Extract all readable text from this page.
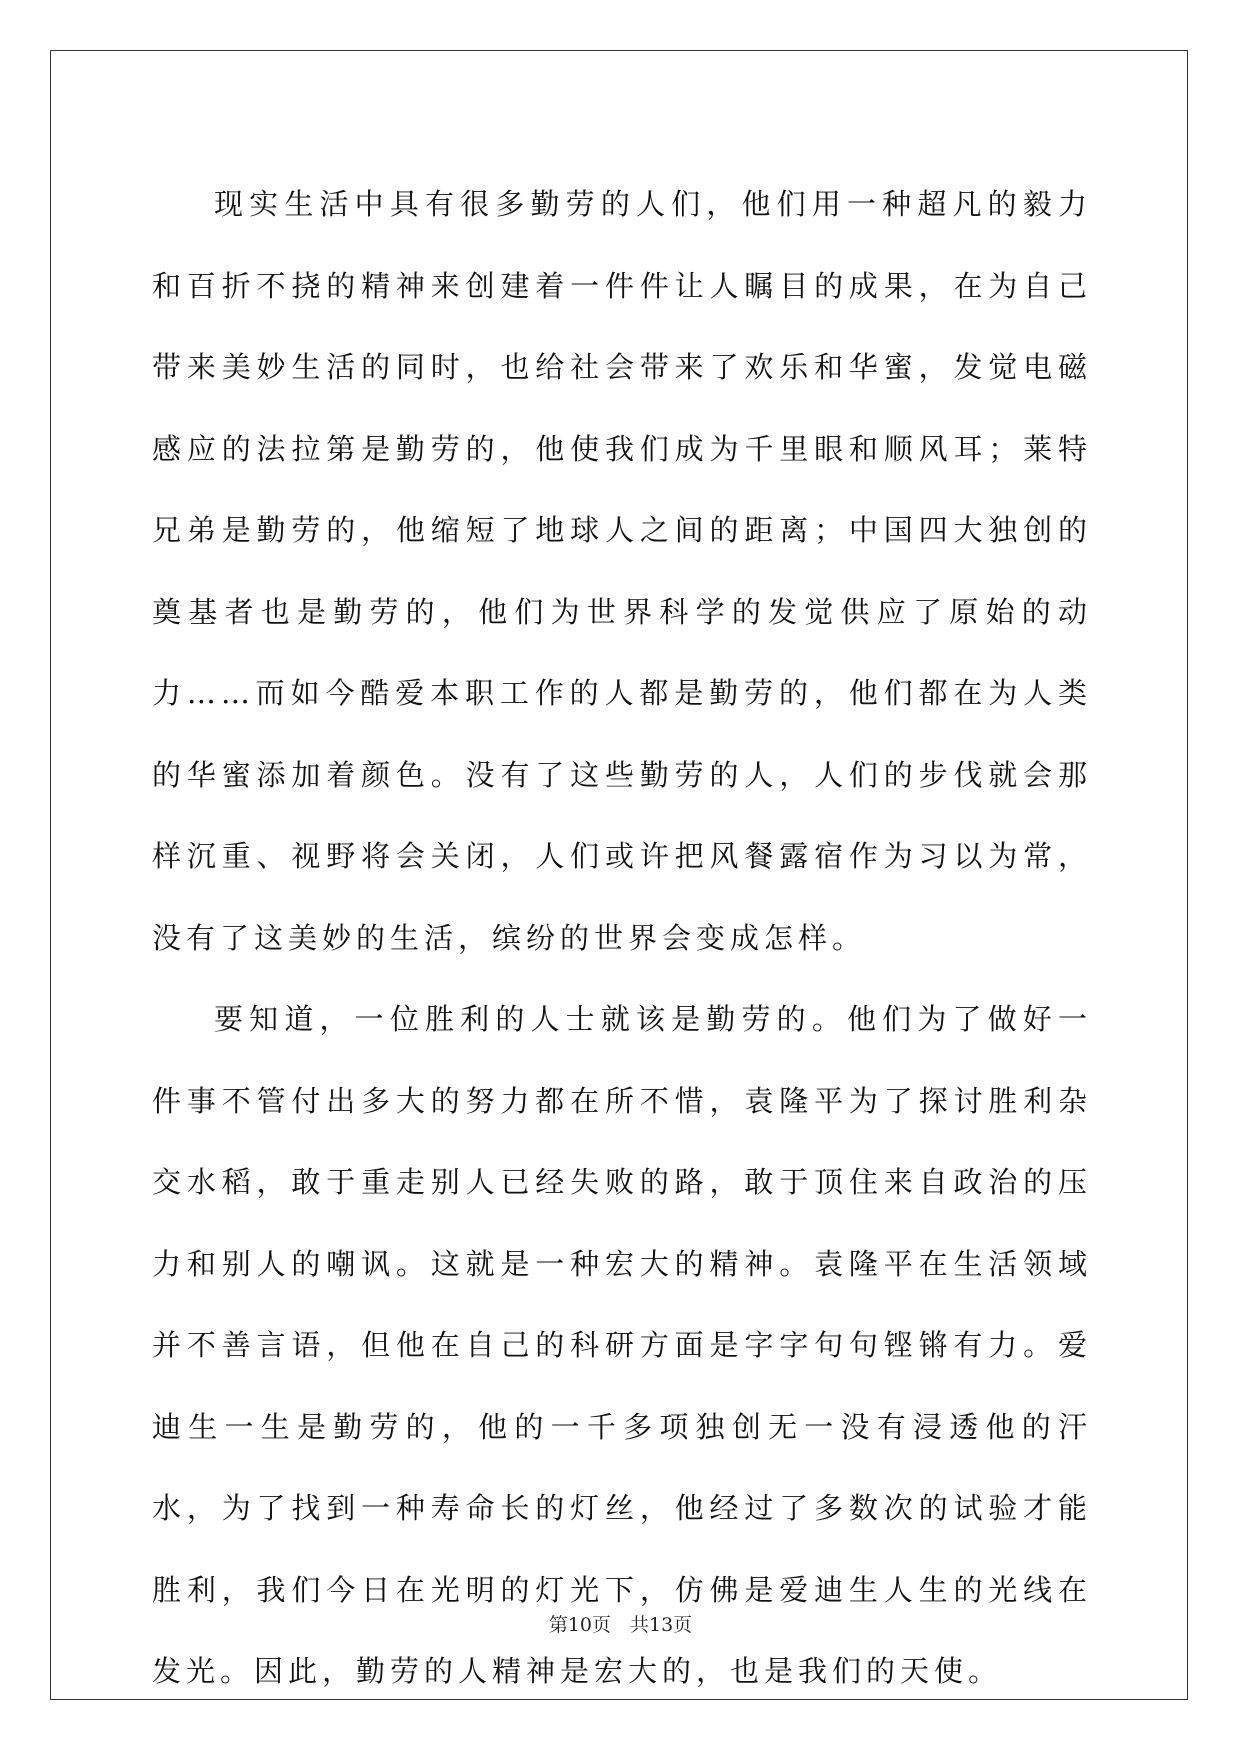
现实生活中具有很多勤劳的人们，他们用一种超凡的毅力和百折不挠的精神来创建着一件件让人瞩目的成果，在为自己带来美妙生活的同时，也给社会带来了欢乐和华蜜，发觉电磁感应的法拉第是勤劳的，他使我们成为千里眼和顺风耳；莱特兄弟是勤劳的，他缩短了地球人之间的距离；中国四大独创的奠基者也是勤劳的，他们为世界科学的发觉供应了原始的动力……而如今酷爱本职工作的人都是勤劳的，他们都在为人类的华蜜添加着颜色。没有了这些勤劳的人，人们的步伐就会那样沉重、视野将会关闭，人们或许把风餐露宿作为习以为常，没有了这美妙的生活，缤纷的世界会变成怎样。

要知道，一位胜利的人士就该是勤劳的。他们为了做好一件事不管付出多大的努力都在所不惜，袁隆平为了探讨胜利杂交水稻，敢于重走别人已经失败的路，敢于顶住来自政治的压力和别人的嘲讽。这就是一种宏大的精神。袁隆平在生活领域并不善言语，但他在自己的科研方面是字字句句铿锵有力。爱迪生一生是勤劳的，他的一千多项独创无一没有浸透他的汗水，为了找到一种寿命长的灯丝，他经过了多数次的试验才能胜利，我们今日在光明的灯光下，仿佛是爱迪生人生的光线在发光。因此，勤劳的人精神是宏大的，也是我们的天使。

第10页　共13页
